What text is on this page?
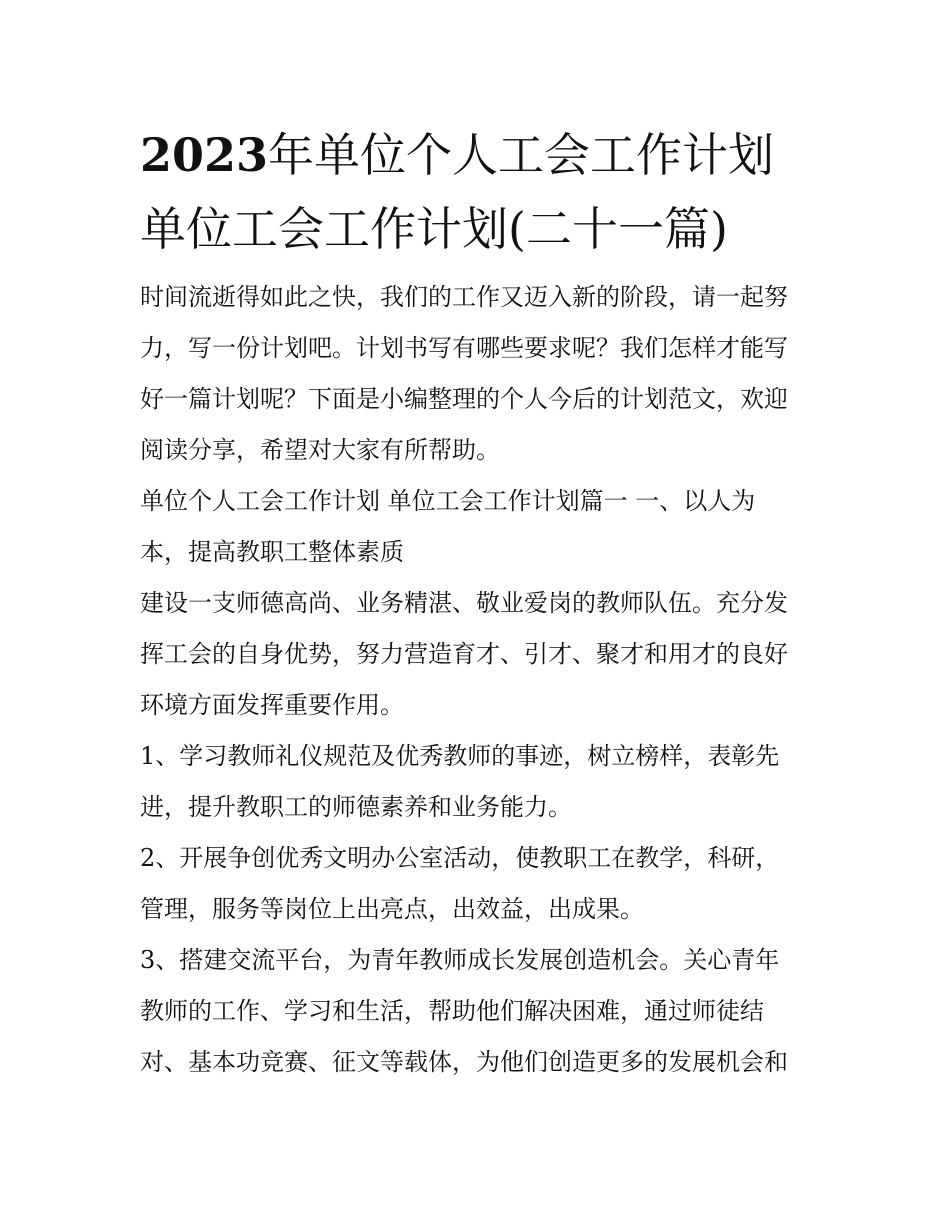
2023年单位个人工会工作计划
单位工会工作计划(二十一篇)

时间流逝得如此之快，我们的工作又迈入新的阶段，请一起努
力，写一份计划吧。计划书写有哪些要求呢？我们怎样才能写
好一篇计划呢？下面是小编整理的个人今后的计划范文，欢迎
阅读分享，希望对大家有所帮助。

单位个人工会工作计划 单位工会工作计划篇一 一、以人为
本，提高教职工整体素质

建设一支师德高尚、业务精湛、敬业爱岗的教师队伍。充分发
挥工会的自身优势，努力营造育才、引才、聚才和用才的良好
环境方面发挥重要作用。

1、学习教师礼仪规范及优秀教师的事迹，树立榜样，表彰先
进，提升教职工的师德素养和业务能力。

2、开展争创优秀文明办公室活动，使教职工在教学，科研，
管理，服务等岗位上出亮点，出效益，出成果。

3、搭建交流平台，为青年教师成长发展创造机会。关心青年
教师的工作、学习和生活，帮助他们解决困难，通过师徒结
对、基本功竞赛、征文等载体，为他们创造更多的发展机会和
